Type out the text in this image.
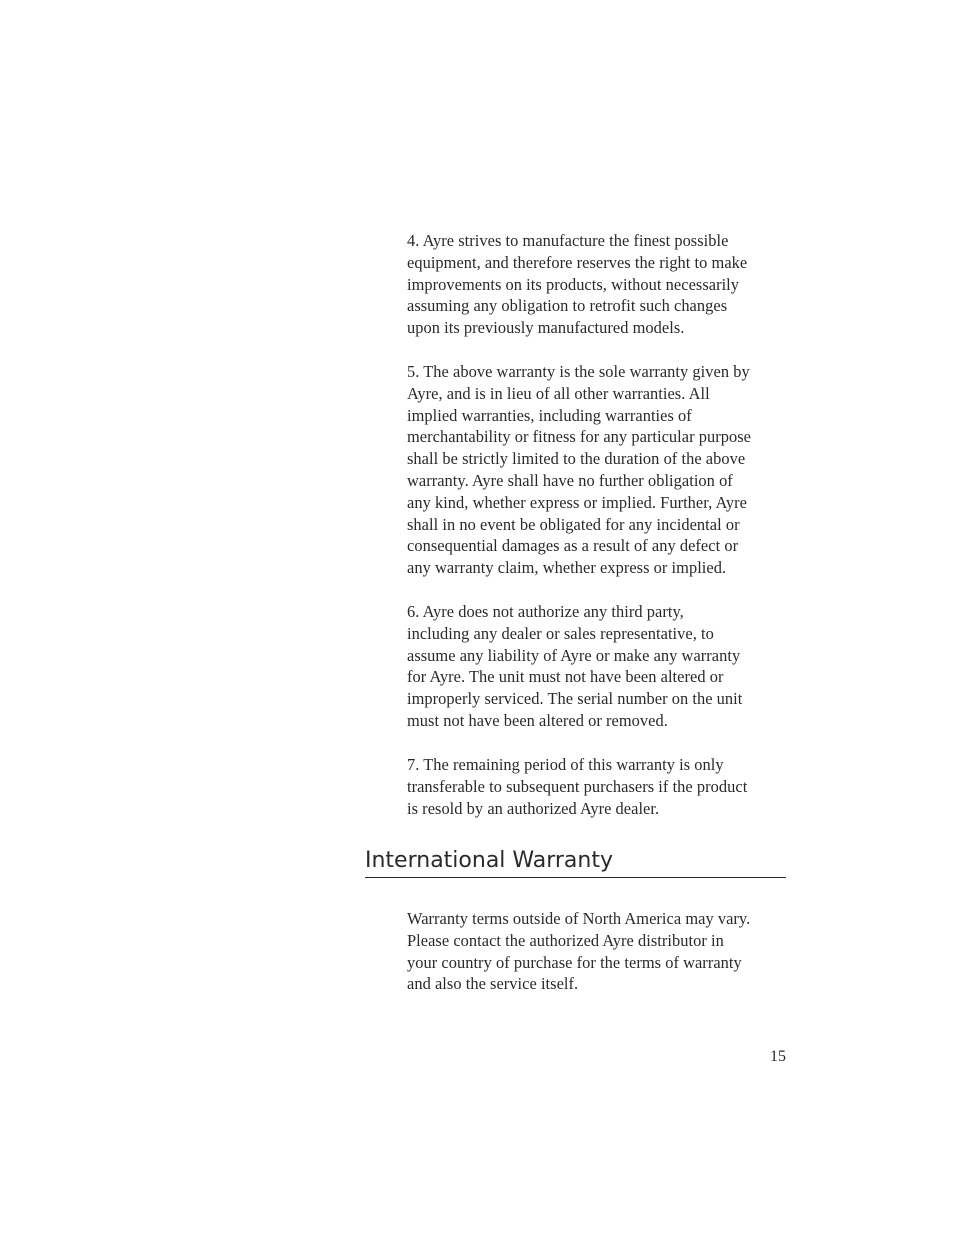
4. Ayre strives to manufacture the finest possible
equipment, and therefore reserves the right to make
improvements on its products, without necessarily
assuming any obligation to retrofit such changes
upon its previously manufactured models.

5. The above warranty is the sole warranty given by
Ayre, and is in lieu of all other warranties. All
implied warranties, including warranties of
merchantability or fitness for any particular purpose
shall be strictly limited to the duration of the above
warranty. Ayre shall have no further obligation of
any kind, whether express or implied. Further, Ayre
shall in no event be obligated for any incidental or
consequential damages as a result of any defect or
any warranty claim, whether express or implied.

6. Ayre does not authorize any third party,
including any dealer or sales representative, to
assume any liability of Ayre or make any warranty
for Ayre. The unit must not have been altered or
improperly serviced. The serial number on the unit
must not have been altered or removed.

7. The remaining period of this warranty is only
transferable to subsequent purchasers if the product
is resold by an authorized Ayre dealer.

International Warranty

Warranty terms outside of North America may vary.
Please contact the authorized Ayre distributor in
your country of purchase for the terms of warranty
and also the service itself.

15
